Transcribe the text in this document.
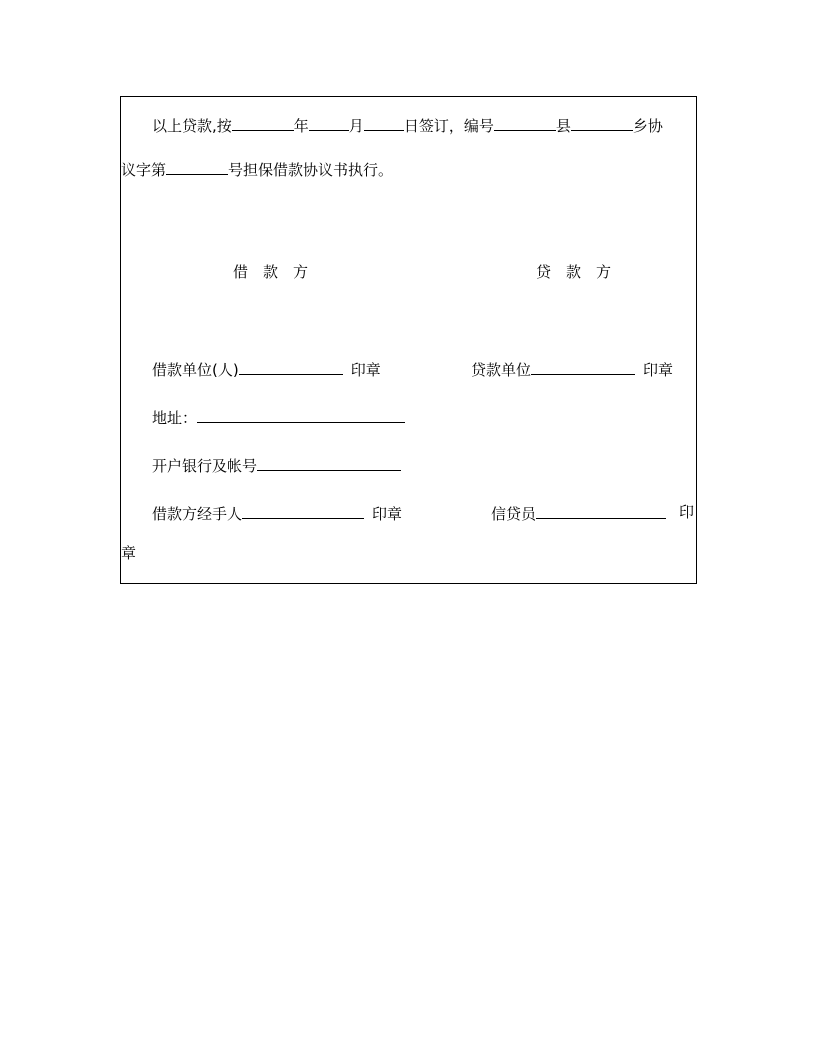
以上贷款,按	年	月	日签订，编号	县	乡协
议字第	号担保借款协议书执行。
借款方	贷款方
借款单位(人)	印章	贷款单位	印章
地址：
开户银行及帐号
借款方经手人	印章	信贷员	印
章
